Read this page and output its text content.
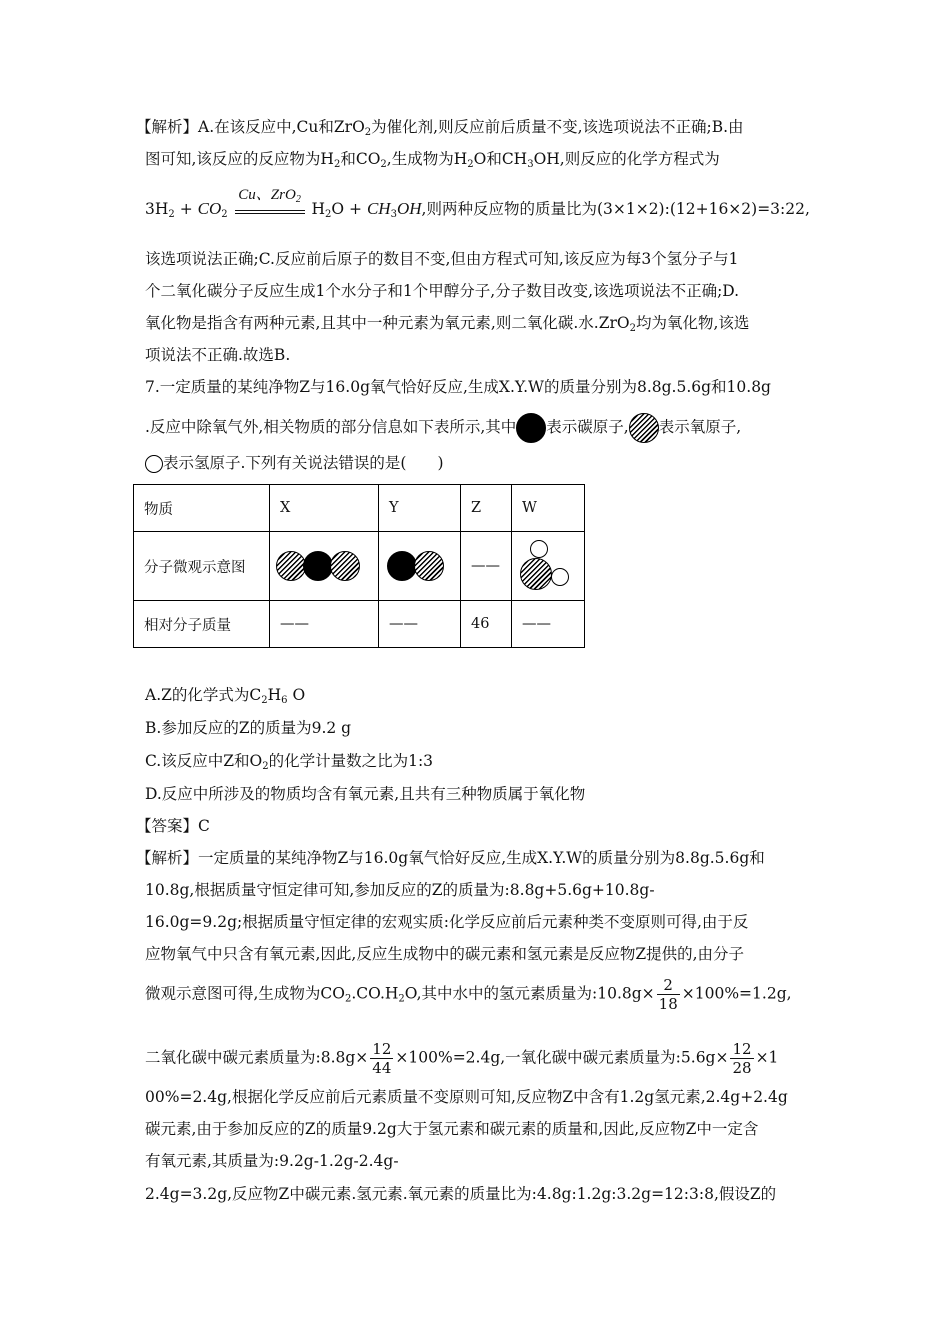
【解析】A.在该反应中,Cu和ZrO$_2$为催化剂,则反应前后质量不变,该选项说法不正确;B.由
图可知,该反应的反应物为$H_2$和$CO_2$,生成物为$H_2O$和$CH_3OH$,则反应的化学方程式为
$3H_2 + CO_2$
Cu、ZrO$_2$
$H_2O + CH_3OH$,则两种反应物的质量比为(3×1×2):(12+16×2)=3:22,
该选项说法正确;C.反应前后原子的数目不变,但由方程式可知,该反应为每3个氢分子与1
个二氧化碳分子反应生成1个水分子和1个甲醇分子,分子数目改变,该选项说法不正确;D.
氧化物是指含有两种元素,且其中一种元素为氧元素,则二氧化碳.水.ZrO$_2$均为氧化物,该选
项说法不正确.故选B.
7.一定质量的某纯净物Z与16.0g氧气恰好反应,生成X.Y.W的质量分别为8.8g.5.6g和10.8g
.反应中除氧气外,相关物质的部分信息如下表所示,其中 表示碳原子, 表示氧原子,
表示氢原子.下列有关说法错误的是(　　)
物质	X	Y	Z	W
分子微观示意图			——	

相对分子质量	——	——	46	——
A.Z的化学式为$C_2H_6$ O
B.参加反应的Z的质量为9.2 g
C.该反应中Z和$O_2$的化学计量数之比为1:3
D.反应中所涉及的物质均含有氧元素,且共有三种物质属于氧化物
【答案】C
【解析】一定质量的某纯净物Z与16.0g氧气恰好反应,生成X.Y.W的质量分别为8.8g.5.6g和
10.8g,根据质量守恒定律可知,参加反应的Z的质量为:8.8g+5.6g+10.8g-
16.0g=9.2g;根据质量守恒定律的宏观实质:化学反应前后元素种类不变原则可得,由于反
应物氧气中只含有氧元素,因此,反应生成物中的碳元素和氢元素是反应物Z提供的,由分子
微观示意图可得,生成物为$CO_2.CO.H_2O$,其中水中的氢元素质量为:10.8g× $\frac{2}{18} \times 100\%=1.2g$,
二氧化碳中碳元素质量为:8.8g× $\frac{12}{44} \times 100\%=2.4g$,一氧化碳中碳元素质量为:5.6g× $\frac{12}{28} \times 1$
00%=2.4g,根据化学反应前后元素质量不变原则可知,反应物Z中含有1.2g氢元素,2.4g+2.4g
碳元素,由于参加反应的Z的质量9.2g大于氢元素和碳元素的质量和,因此,反应物Z中一定含
有氧元素,其质量为:9.2g-1.2g-2.4g-
2.4g=3.2g,反应物Z中碳元素.氢元素.氧元素的质量比为:4.8g:1.2g:3.2g=12:3:8,假设Z的
